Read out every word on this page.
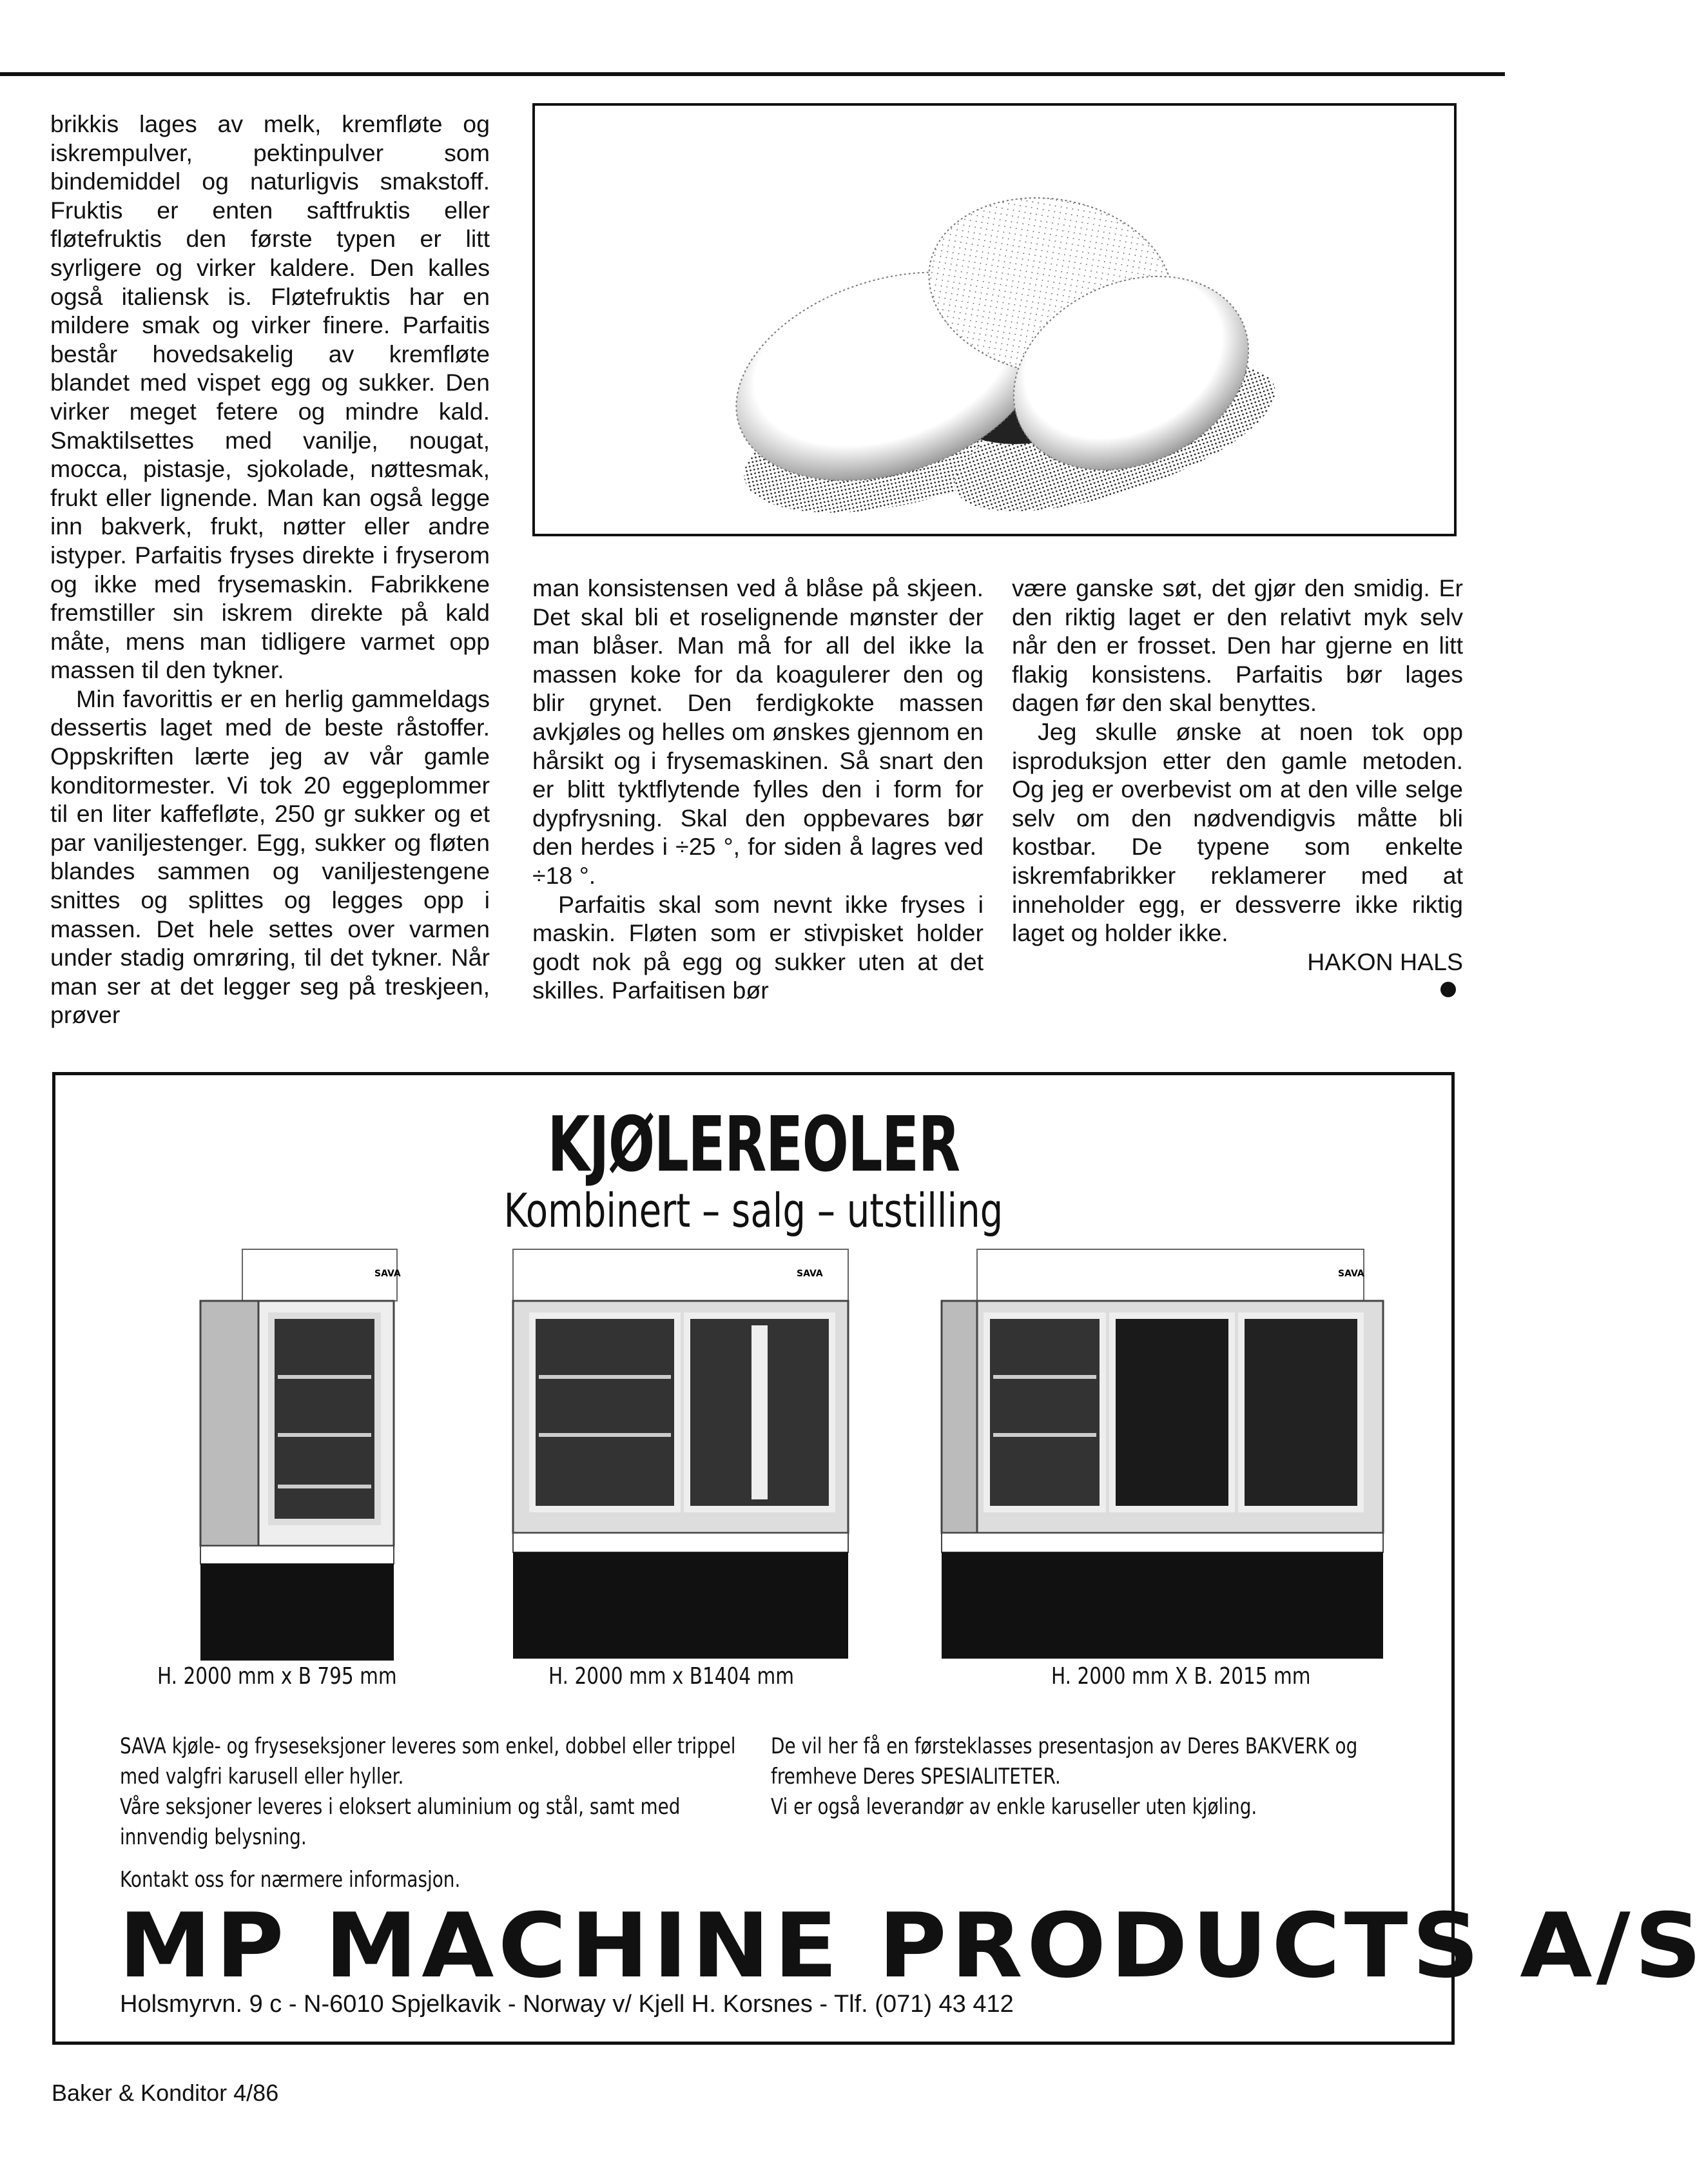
brikkis lages av melk, kremfløte og iskrempulver, pektinpulver som bindemiddel og naturligvis smakstoff. Fruktis er enten saftfruktis eller fløtefruktis den første typen er litt syrligere og virker kaldere. Den kalles også italiensk is. Fløtefruktis har en mildere smak og virker finere. Parfaitis består hovedsakelig av kremfløte blandet med vispet egg og sukker. Den virker meget fetere og mindre kald. Smaktilsettes med vanilje, nougat, mocca, pistasje, sjokolade, nøttesmak, frukt eller lignende. Man kan også legge inn bakverk, frukt, nøtter eller andre istyper. Parfaitis fryses direkte i fryserom og ikke med frysemaskin. Fabrikkene fremstiller sin iskrem direkte på kald måte, mens man tidligere varmet opp massen til den tykner.

Min favorittis er en herlig gammeldags dessertis laget med de beste råstoffer. Oppskriften lærte jeg av vår gamle konditormester. Vi tok 20 eggeplommer til en liter kaffefløte, 250 gr sukker og et par vaniljestenger. Egg, sukker og fløten blandes sammen og vaniljestengene snittes og splittes og legges opp i massen. Det hele settes over varmen under stadig omrøring, til det tykner. Når man ser at det legger seg på treskjeen, prøver

man konsistensen ved å blåse på skjeen. Det skal bli et roselignende mønster der man blåser. Man må for all del ikke la massen koke for da koagulerer den og blir grynet. Den ferdigkokte massen avkjøles og helles om ønskes gjennom en hårsikt og i frysemaskinen. Så snart den er blitt tyktflytende fylles den i form for dypfrysning. Skal den oppbevares bør den herdes i ÷25 °, for siden å lagres ved ÷18 °.

Parfaitis skal som nevnt ikke fryses i maskin. Fløten som er stivpisket holder godt nok på egg og sukker uten at det skilles. Parfaitisen bør

være ganske søt, det gjør den smidig. Er den riktig laget er den relativt myk selv når den er frosset. Den har gjerne en litt flakig konsistens. Parfaitis bør lages dagen før den skal benyttes.

Jeg skulle ønske at noen tok opp isproduksjon etter den gamle metoden. Og jeg er overbevist om at den ville selge selv om den nødvendigvis måtte bli kostbar. De typene som enkelte iskremfabrikker reklamerer med at inneholder egg, er dessverre ikke riktig laget og holder ikke.

HAKON HALS

KJØLEREOLER
Kombinert – salg – utstilling
SAVA	SAVA	SAVA
H. 2000 mm x B 795 mm	H. 2000 mm x B1404 mm	H. 2000 mm X B. 2015 mm

SAVA kjøle- og fryseseksjoner leveres som enkel, dobbel eller trippel med valgfri karusell eller hyller.

Våre seksjoner leveres i eloksert aluminium og stål, samt med innvendig belysning.

De vil her få en førsteklasses presentasjon av Deres BAKVERK og fremheve Deres SPESIALITETER.

Vi er også leverandør av enkle karuseller uten kjøling.

Kontakt oss for nærmere informasjon.
MP MACHINE PRODUCTS A/S
Holsmyrvn. 9 c - N-6010 Spjelkavik - Norway v/ Kjell H. Korsnes - Tlf. (071) 43 412
Baker & Konditor 4/86
